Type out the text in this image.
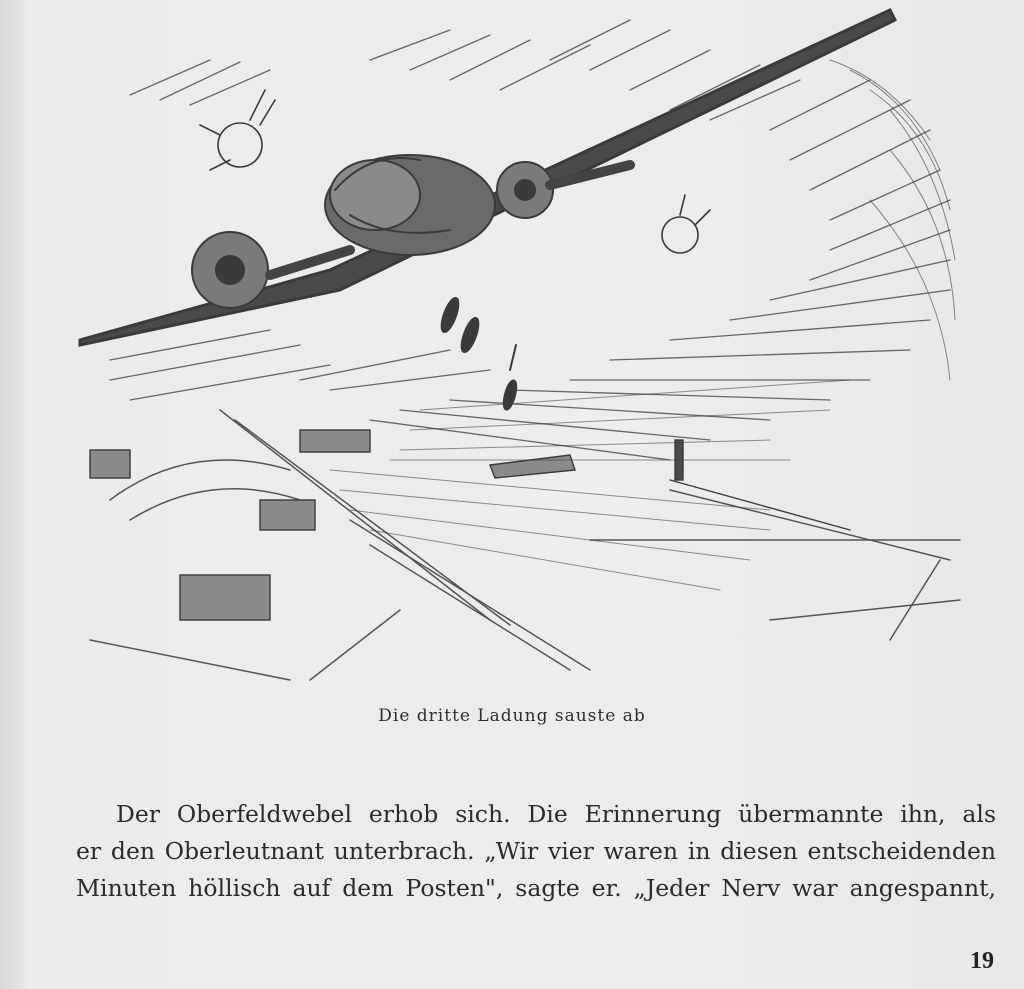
Die dritte Ladung sauste ab
Der Oberfeldwebel erhob sich. Die Erinnerung übermannte ihn, als
er den Oberleutnant unterbrach. „Wir vier waren in diesen entscheidenden
Minuten höllisch auf dem Posten", sagte er. „Jeder Nerv war angespannt,
19
